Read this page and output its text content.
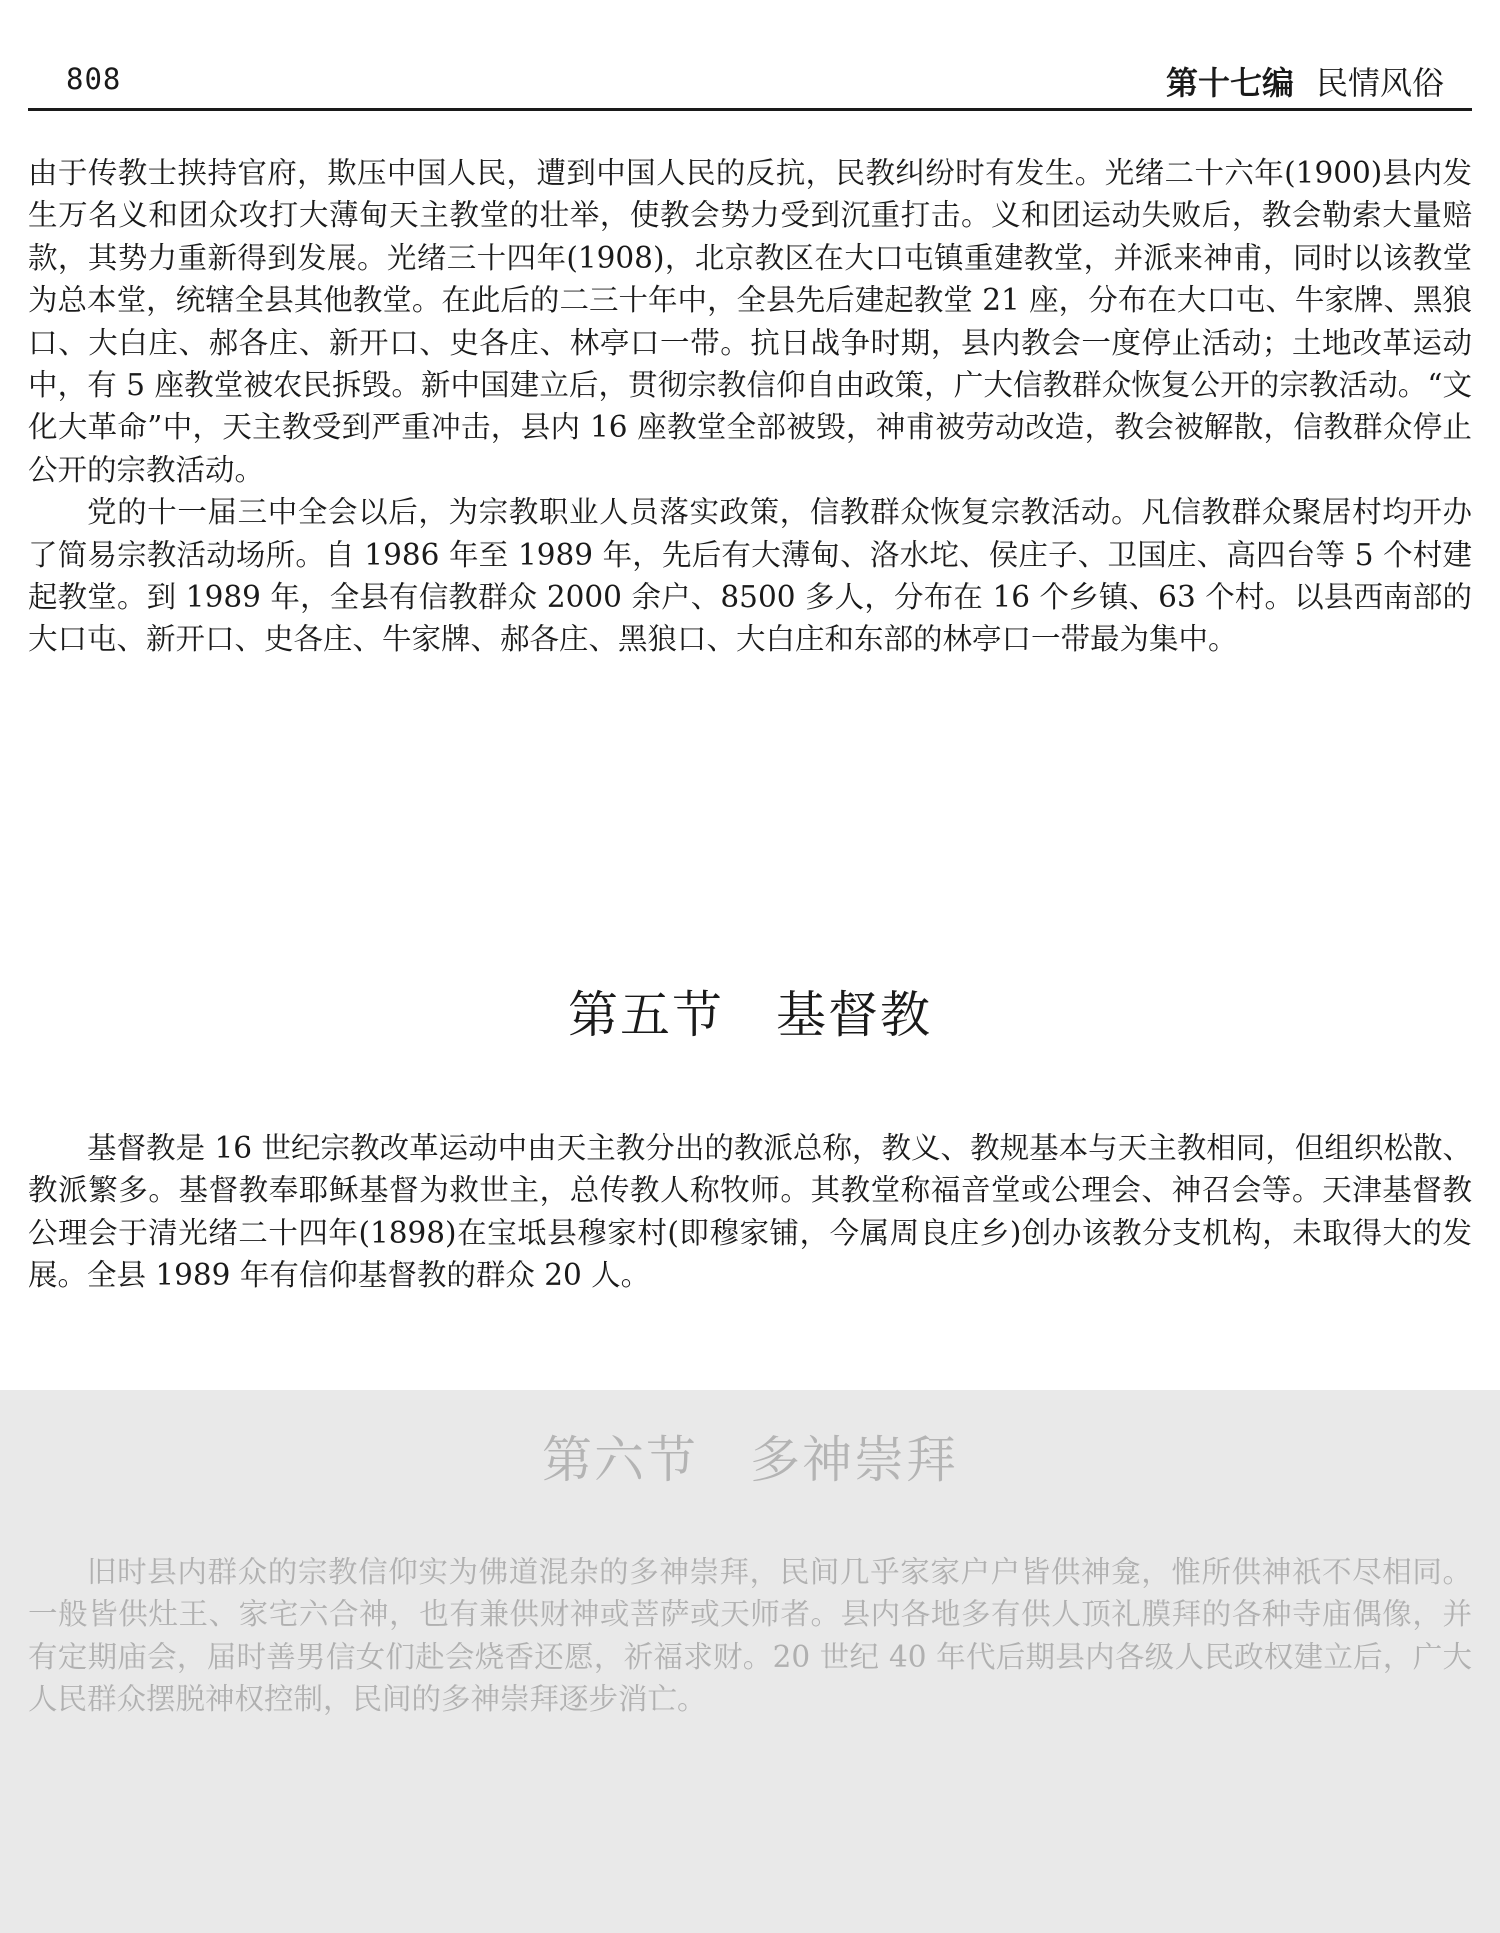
808	第十七编 民情风俗

由于传教士挟持官府，欺压中国人民，遭到中国人民的反抗，民教纠纷时有发生。光绪二十六年(1900)县内发生万名义和团众攻打大薄甸天主教堂的壮举，使教会势力受到沉重打击。义和团运动失败后，教会勒索大量赔款，其势力重新得到发展。光绪三十四年(1908)，北京教区在大口屯镇重建教堂，并派来神甫，同时以该教堂为总本堂，统辖全县其他教堂。在此后的二三十年中，全县先后建起教堂 21 座，分布在大口屯、牛家牌、黑狼口、大白庄、郝各庄、新开口、史各庄、林亭口一带。抗日战争时期，县内教会一度停止活动；土地改革运动中，有 5 座教堂被农民拆毁。新中国建立后，贯彻宗教信仰自由政策，广大信教群众恢复公开的宗教活动。“文化大革命”中，天主教受到严重冲击，县内 16 座教堂全部被毁，神甫被劳动改造，教会被解散，信教群众停止公开的宗教活动。

党的十一届三中全会以后，为宗教职业人员落实政策，信教群众恢复宗教活动。凡信教群众聚居村均开办了简易宗教活动场所。自 1986 年至 1989 年，先后有大薄甸、洛水坨、侯庄子、卫国庄、高四台等 5 个村建起教堂。到 1989 年，全县有信教群众 2000 余户、8500 多人，分布在 16 个乡镇、63 个村。以县西南部的大口屯、新开口、史各庄、牛家牌、郝各庄、黑狼口、大白庄和东部的林亭口一带最为集中。

第五节　基督教

基督教是 16 世纪宗教改革运动中由天主教分出的教派总称，教义、教规基本与天主教相同，但组织松散、教派繁多。基督教奉耶稣基督为救世主，总传教人称牧师。其教堂称福音堂或公理会、神召会等。天津基督教公理会于清光绪二十四年(1898)在宝坻县穆家村(即穆家铺，今属周良庄乡)创办该教分支机构，未取得大的发展。全县 1989 年有信仰基督教的群众 20 人。

第六节　多神崇拜

旧时县内群众的宗教信仰实为佛道混杂的多神崇拜，民间几乎家家户户皆供神龛，惟所供神祇不尽相同。一般皆供灶王、家宅六合神，也有兼供财神或菩萨或天师者。县内各地多有供人顶礼膜拜的各种寺庙偶像，并有定期庙会，届时善男信女们赴会烧香还愿，祈福求财。20 世纪 40 年代后期县内各级人民政权建立后，广大人民群众摆脱神权控制，民间的多神崇拜逐步消亡。
